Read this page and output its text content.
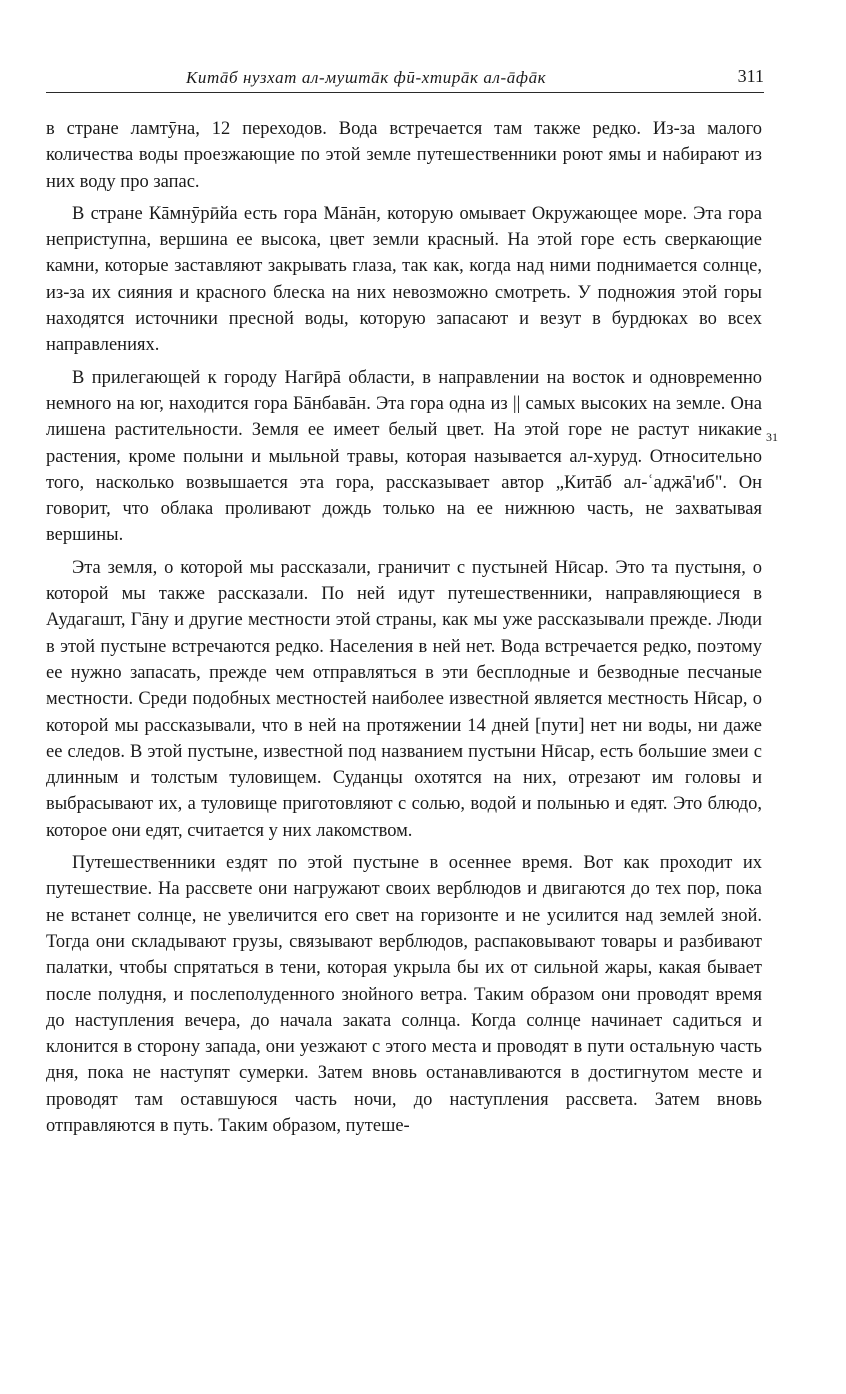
Китāб нузхат ал-муштāк фӣ-хтирāк ал-āфāк	311

в стране ламтӯна, 12 переходов. Вода встречается там также редко. Из-за малого количества воды проезжающие по этой земле путешественники роют ямы и набирают из них воду про запас.

В стране Кāмнӯрӣйа есть гора Мāнāн, которую омывает Окружающее море. Эта гора неприступна, вершина ее высока, цвет земли красный. На этой горе есть сверкающие камни, которые заставляют закрывать глаза, так как, когда над ними поднимается солнце, из-за их сияния и красного блеска на них невозможно смотреть. У подножия этой горы находятся источники пресной воды, которую запасают и везут в бурдюках во всех направлениях.

В прилегающей к городу Нагӣрā области, в направлении на восток и одновременно немного на юг, находится гора Бāнбавāн. Эта гора одна из || самых высоких на земле. Она лишена растительности. Земля ее имеет белый цвет. На этой горе не растут никакие растения, кроме полыни и мыльной травы, которая называется ал-хуруд. Относительно того, насколько возвышается эта гора, рассказывает автор „Китāб ал-ʿаджā'иб". Он говорит, что облака проливают дождь только на ее нижнюю часть, не захватывая вершины.

Эта земля, о которой мы рассказали, граничит с пустыней Нӣсар. Это та пустыня, о которой мы также рассказали. По ней идут путешественники, направляющиеся в Аудагашт, Гāну и другие местности этой страны, как мы уже рассказывали прежде. Люди в этой пустыне встречаются редко. Населения в ней нет. Вода встречается редко, поэтому ее нужно запасать, прежде чем отправляться в эти бесплодные и безводные песчаные местности. Среди подобных местностей наиболее известной является местность Нӣсар, о которой мы рассказывали, что в ней на протяжении 14 дней [пути] нет ни воды, ни даже ее следов. В этой пустыне, известной под названием пустыни Нӣсар, есть большие змеи с длинным и толстым туловищем. Суданцы охотятся на них, отрезают им головы и выбрасывают их, а туловище приготовляют с солью, водой и полынью и едят. Это блюдо, которое они едят, считается у них лакомством.

Путешественники ездят по этой пустыне в осеннее время. Вот как проходит их путешествие. На рассвете они нагружают своих верблюдов и двигаются до тех пор, пока не встанет солнце, не увеличится его свет на горизонте и не усилится над землей зной. Тогда они складывают грузы, связывают верблюдов, распаковывают товары и разбивают палатки, чтобы спрятаться в тени, которая укрыла бы их от сильной жары, какая бывает после полудня, и послеполуденного знойного ветра. Таким образом они проводят время до наступления вечера, до начала заката солнца. Когда солнце начинает садиться и клонится в сторону запада, они уезжают с этого места и проводят в пути остальную часть дня, пока не наступят сумерки. Затем вновь останавливаются в достигнутом месте и проводят там оставшуюся часть ночи, до наступления рассвета. Затем вновь отправляются в путь. Таким образом, путеше-

31
